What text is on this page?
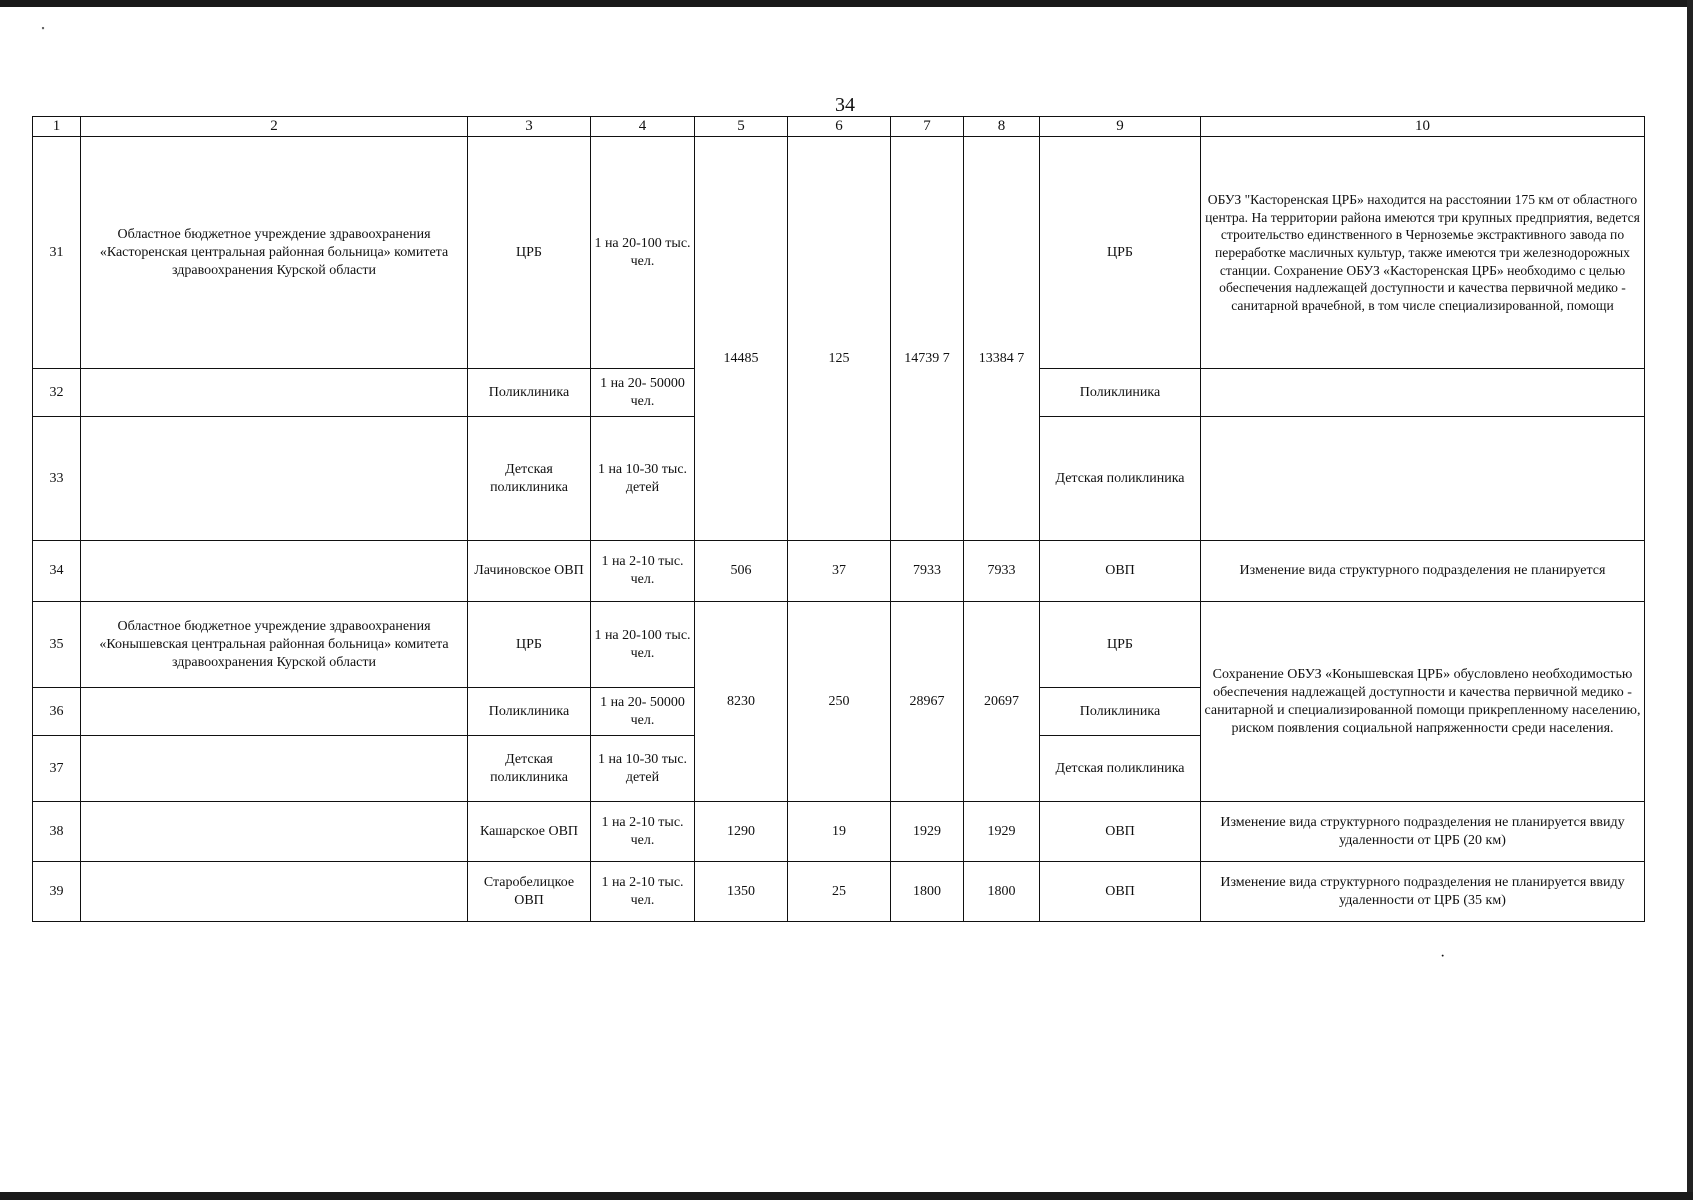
⸼
·
34
1	2	3	4	5	6	7	8	9	10
31	Областное бюджетное учреждение здравоохранения «Касторенская центральная районная больница» комитета здравоохранения Курской области	ЦРБ	1 на 20-100 тыс. чел.	14485	125	14739 7	13384 7	ЦРБ	ОБУЗ "Касторенская ЦРБ» находится на расстоянии 175 км от областного центра. На территории района имеются три крупных предприятия, ведется строительство единственного в Черноземье экстрактивного завода по переработке масличных культур, также имеются три железнодорожных станции. Сохранение ОБУЗ «Касторенская ЦРБ» необходимо с целью обеспечения надлежащей доступности и качества первичной медико - санитарной врачебной, в том числе специализированной, помощи
32		Поликлиника	1 на 20- 50000 чел.					Поликлиника	
33		Детская поликлиника	1 на 10-30 тыс. детей					Детская поликлиника	
34		Лачиновское ОВП	1 на 2-10 тыс. чел.	506	37	7933	7933	ОВП	Изменение вида структурного подразделения не планируется
35	Областное бюджетное учреждение здравоохранения «Конышевская центральная районная больница» комитета здравоохранения Курской области	ЦРБ	1 на 20-100 тыс. чел.	8230	250	28967	20697	ЦРБ	Сохранение ОБУЗ «Конышевская ЦРБ» обусловлено необходимостью обеспечения надлежащей доступности и качества первичной медико - санитарной и специализированной помощи прикрепленному населению, риском появления социальной напряженности среди населения.
36		Поликлиника	1 на 20- 50000 чел.					Поликлиника	
37		Детская поликлиника	1 на 10-30 тыс. детей					Детская поликлиника	
38		Кашарское ОВП	1 на 2-10 тыс. чел.	1290	19	1929	1929	ОВП	Изменение вида структурного подразделения не планируется ввиду удаленности от ЦРБ (20 км)
39		Старобелицкое ОВП	1 на 2-10 тыс. чел.	1350	25	1800	1800	ОВП	Изменение вида структурного подразделения не планируется ввиду удаленности от ЦРБ (35 км)
